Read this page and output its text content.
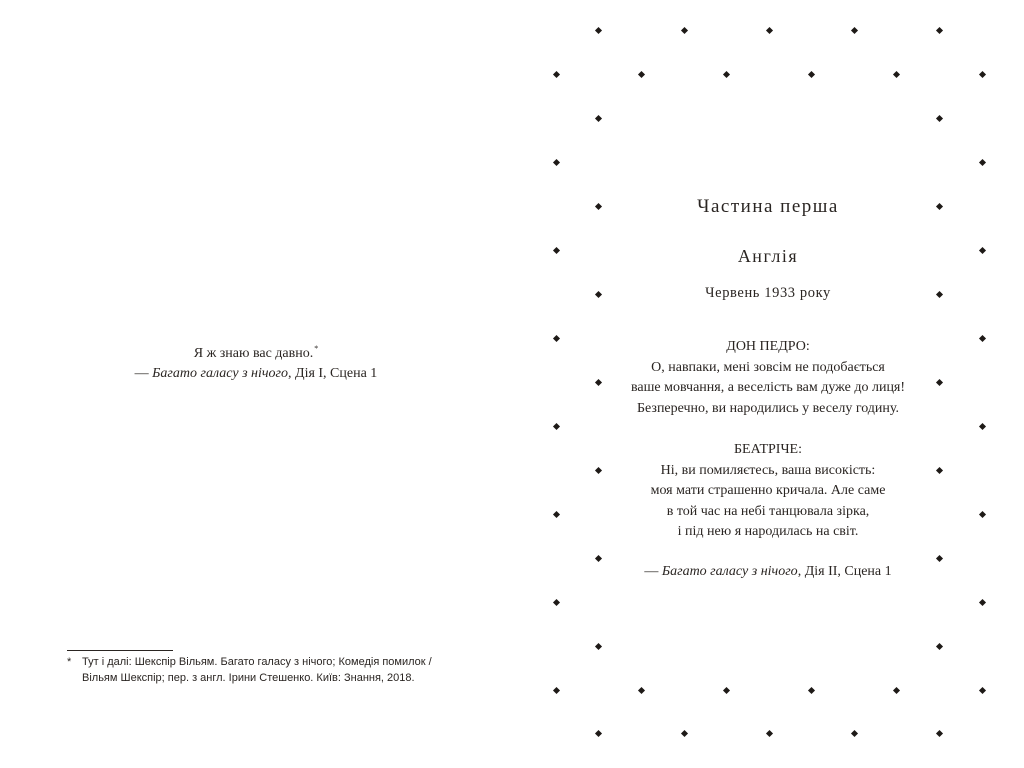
Я ж знаю вас давно.*
— Багато галасу з нічого, Дія І, Сцена 1
* Тут і далі: Шекспір Вільям. Багато галасу з нічого; Комедія помилок /
Вільям Шекспір; пер. з англ. Ірини Стешенко. Київ: Знання, 2018.
Частина перша
Англія
Червень 1933 року
ДОН ПЕДРО:
О, навпаки, мені зовсім не подобається
ваше мовчання, а веселість вам дуже до лиця!
Безперечно, ви народились у веселу годину.
БЕАТРІЧЕ:
Ні, ви помиляєтесь, ваша високість:
моя мати страшенно кричала. Але саме
в той час на небі танцювала зірка,
і під нею я народилась на світ.
— Багато галасу з нічого, Дія ІІ, Сцена 1
